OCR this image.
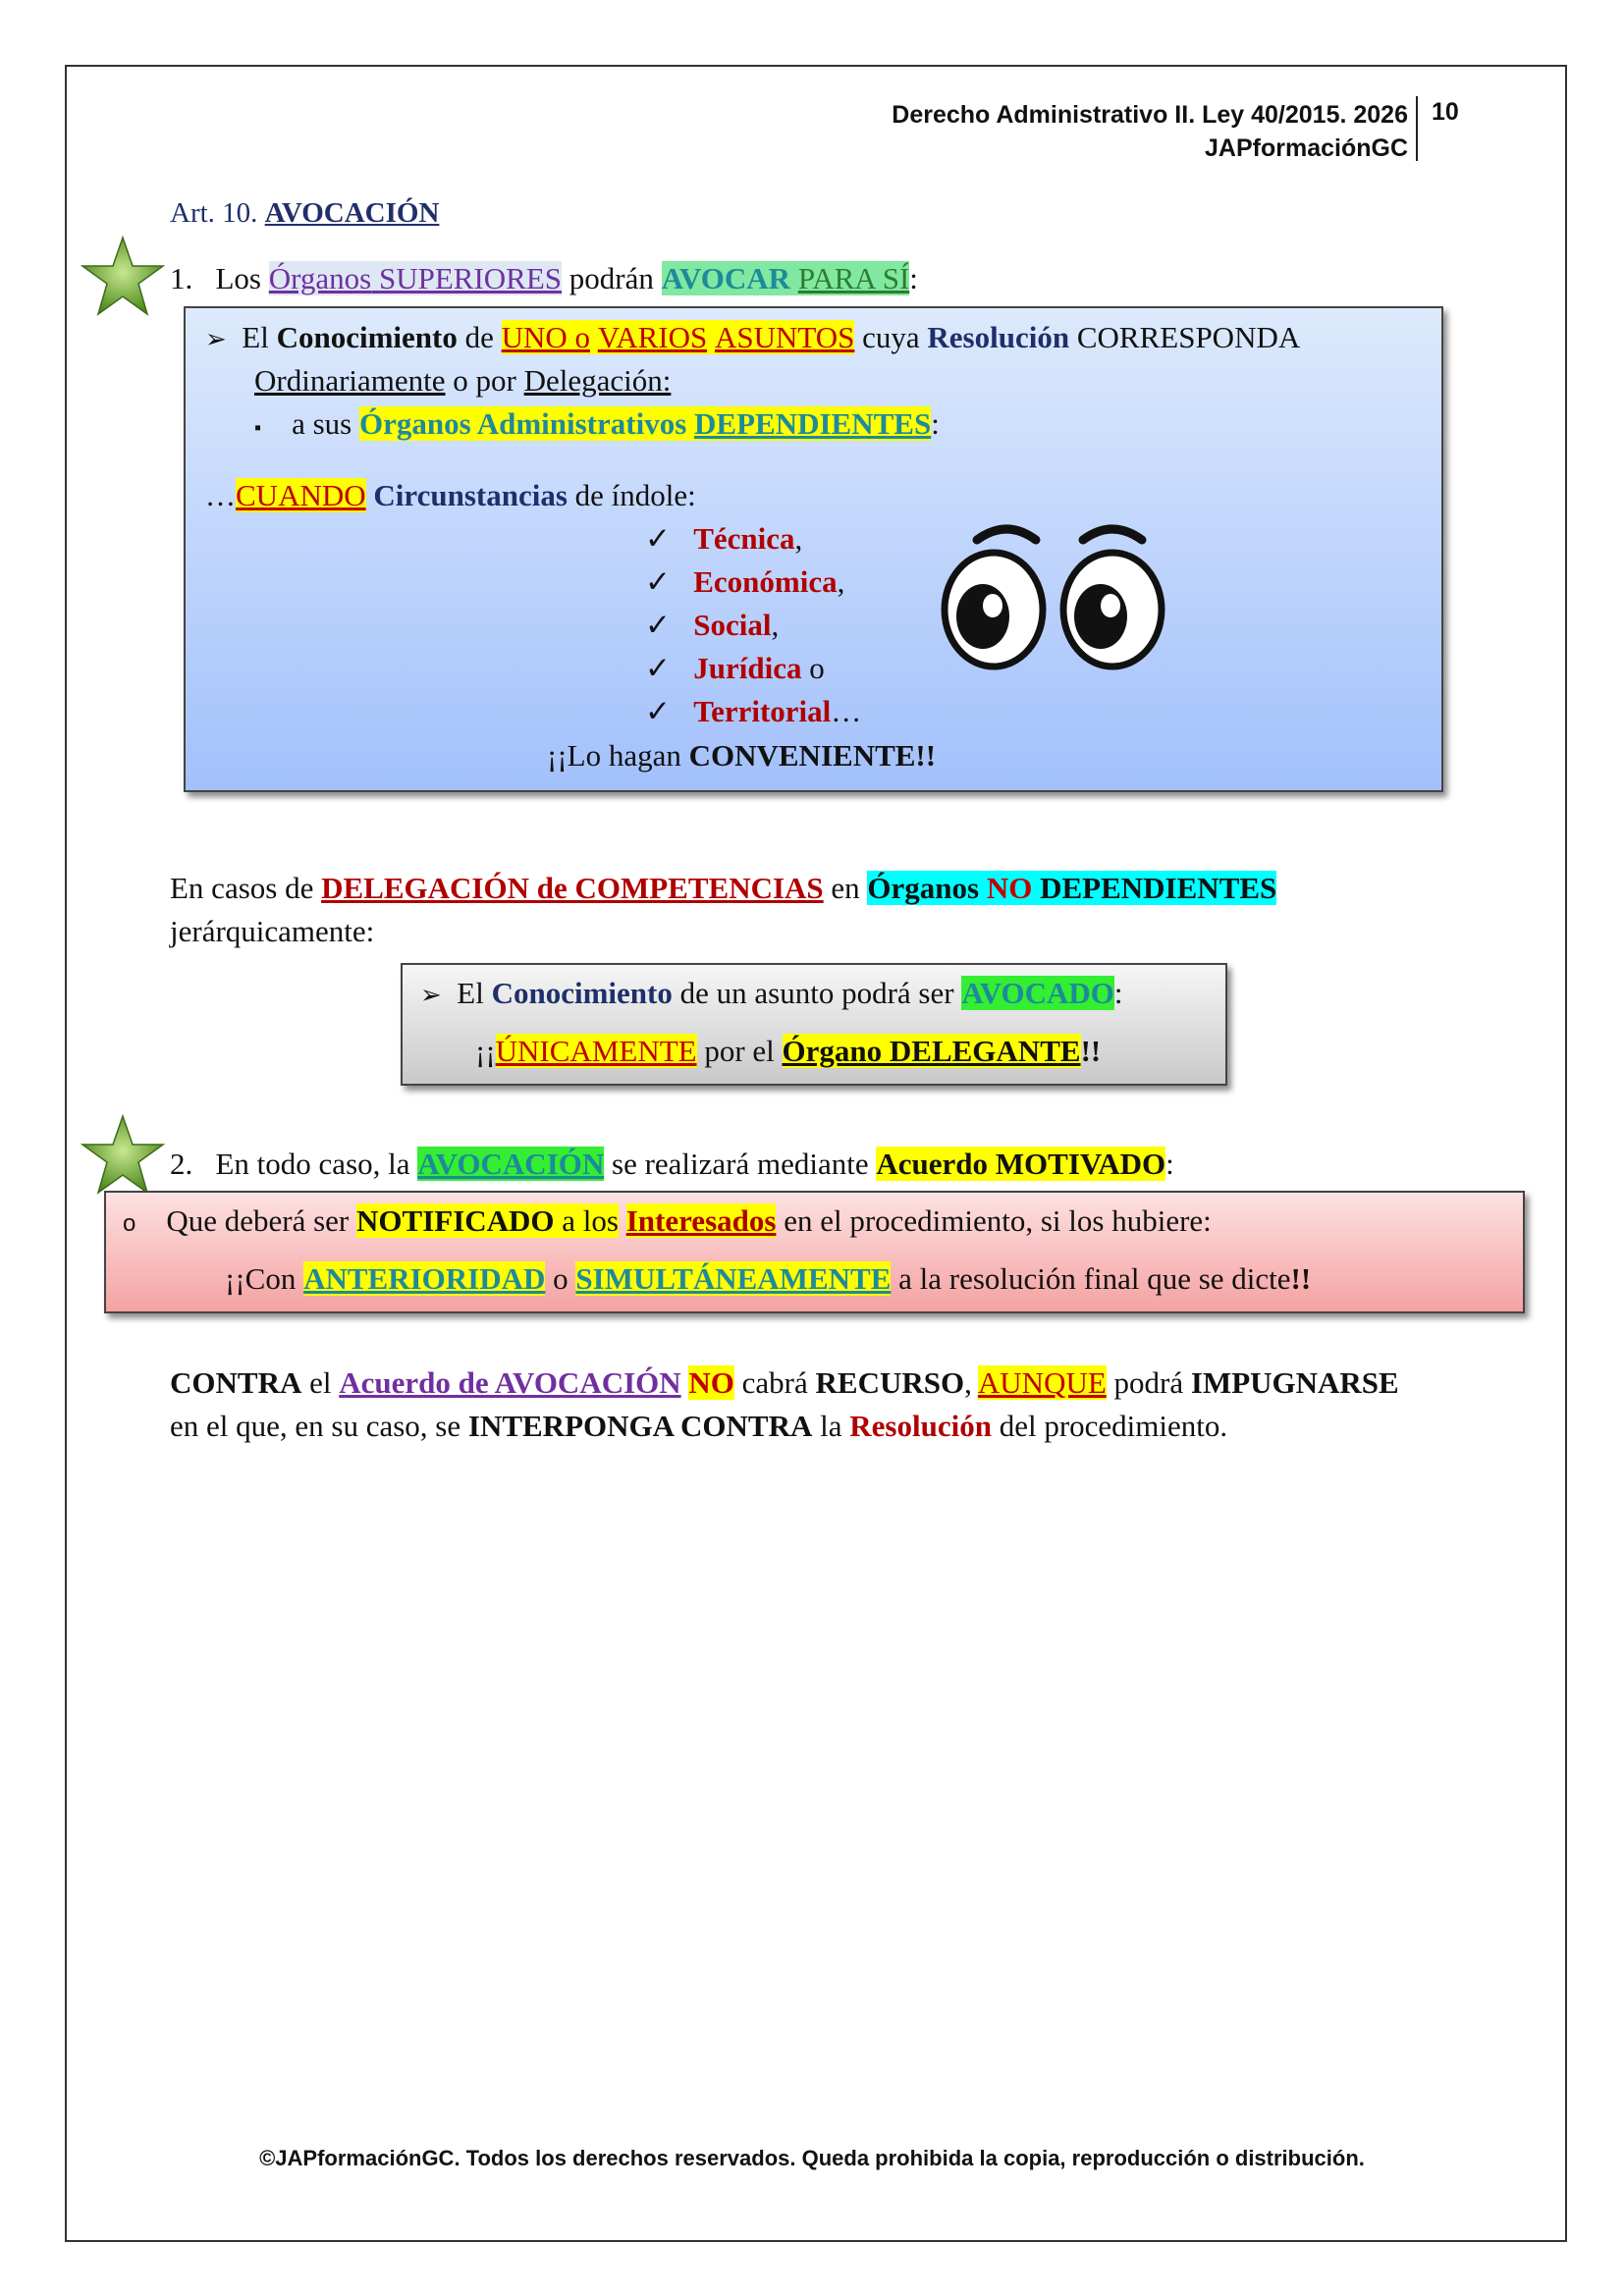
Derecho Administrativo II. Ley 40/2015. 2026
JAPformaciónGC
10
Art. 10. AVOCACIÓN
1. Los Órganos SUPERIORES podrán AVOCAR PARA SÍ:
➢ El Conocimiento de UNO o VARIOS ASUNTOS cuya Resolución CORRESPONDA
Ordinariamente o por Delegación:
▪ a sus Órganos Administrativos DEPENDIENTES:
…CUANDO Circunstancias de índole:
✓ Técnica,
✓ Económica,
✓ Social,
✓ Jurídica o
✓ Territorial…
¡¡Lo hagan CONVENIENTE!!
En casos de DELEGACIÓN de COMPETENCIAS en Órganos NO DEPENDIENTES
jerárquicamente:
➢ El Conocimiento de un asunto podrá ser AVOCADO:
¡¡ÚNICAMENTE por el Órgano DELEGANTE!!
2. En todo caso, la AVOCACIÓN se realizará mediante Acuerdo MOTIVADO:
o Que deberá ser NOTIFICADO a los Interesados en el procedimiento, si los hubiere:
¡¡Con ANTERIORIDAD o SIMULTÁNEAMENTE a la resolución final que se dicte!!
CONTRA el Acuerdo de AVOCACIÓN NO cabrá RECURSO, AUNQUE podrá IMPUGNARSE
en el que, en su caso, se INTERPONGA CONTRA la Resolución del procedimiento.
©JAPformaciónGC. Todos los derechos reservados. Queda prohibida la copia, reproducción o distribución.
